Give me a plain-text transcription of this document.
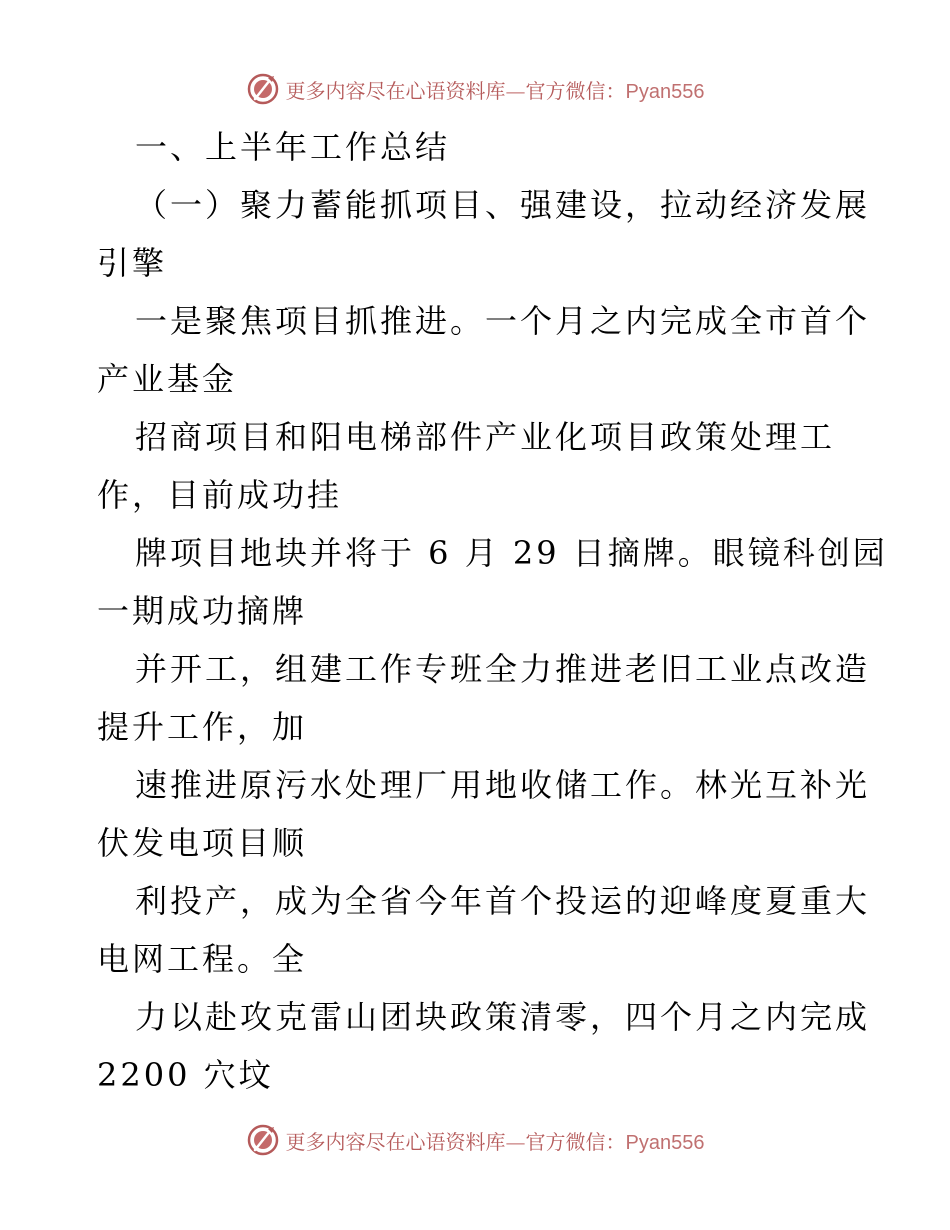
更多内容尽在心语资料库—官方微信：Pyan556
一、上半年工作总结
（一）聚力蓄能抓项目、强建设，拉动经济发展
引擎
一是聚焦项目抓推进。一个月之内完成全市首个
产业基金
招商项目和阳电梯部件产业化项目政策处理工
作，目前成功挂
牌项目地块并将于 6 月 29 日摘牌。眼镜科创园
一期成功摘牌
并开工，组建工作专班全力推进老旧工业点改造
提升工作，加
速推进原污水处理厂用地收储工作。林光互补光
伏发电项目顺
利投产，成为全省今年首个投运的迎峰度夏重大
电网工程。全
力以赴攻克雷山团块政策清零，四个月之内完成
2200 穴坟
更多内容尽在心语资料库—官方微信：Pyan556
